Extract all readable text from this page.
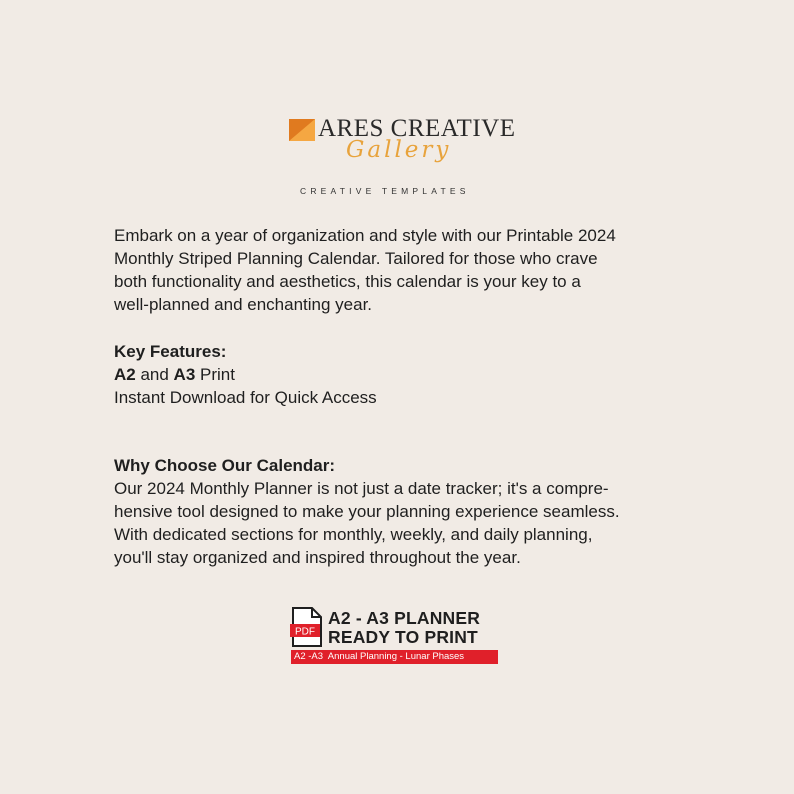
ARES CREATIVE
Gallery
CREATIVE TEMPLATES
Embark on a year of organization and style with our Printable 2024
Monthly Striped Planning Calendar. Tailored for those who crave
both functionality and aesthetics, this calendar is your key to a
well-planned and enchanting year.
Key Features:
A2 and A3 Print
Instant Download for Quick Access
Why Choose Our Calendar:
Our 2024 Monthly Planner is not just a date tracker; it's a compre-
hensive tool designed to make your planning experience seamless.
With dedicated sections for monthly, weekly, and daily planning,
you'll stay organized and inspired throughout the year.
PDF
A2 - A3 PLANNER
READY TO PRINT
A2 -A3  Annual Planning - Lunar Phases
